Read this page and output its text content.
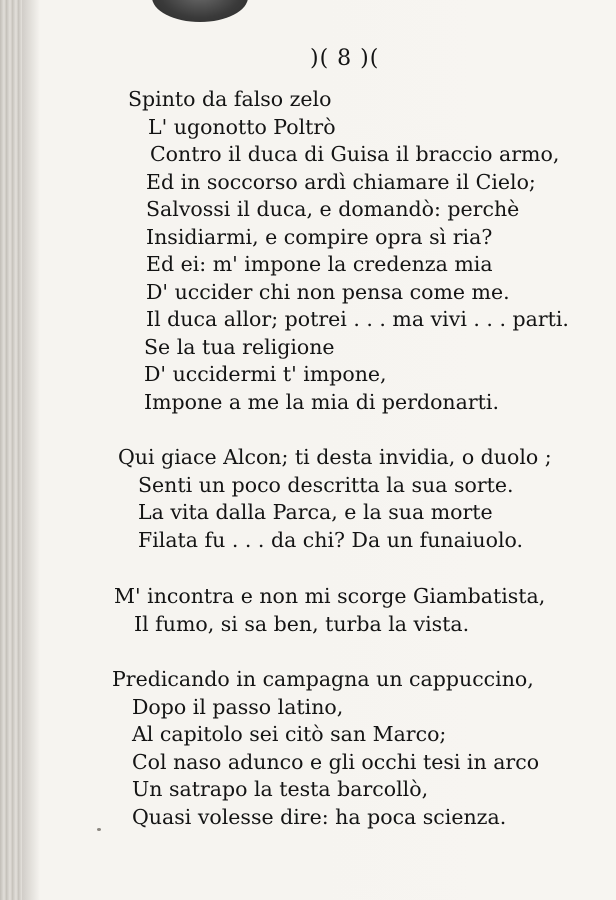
)( 8 )(
Spinto da falso zelo
L' ugonotto Poltrò
Contro il duca di Guisa il braccio armo,
Ed in soccorso ardì chiamare il Cielo;
Salvossi il duca, e domandò: perchè
Insidiarmi, e compire opra sì ria?
Ed ei: m' impone la credenza mia
D' uccider chi non pensa come me.
Il duca allor; potrei . . . ma vivi . . . parti.
Se la tua religione
D' uccidermi t' impone,
Impone a me la mia di perdonarti.
Qui giace Alcon; ti desta invidia, o duolo ;
Senti un poco descritta la sua sorte.
La vita dalla Parca, e la sua morte
Filata fu . . . da chi? Da un funaiuolo.
M' incontra e non mi scorge Giambatista,
Il fumo, si sa ben, turba la vista.
Predicando in campagna un cappuccino,
Dopo il passo latino,
Al capitolo sei citò san Marco;
Col naso adunco e gli occhi tesi in arco
Un satrapo la testa barcollò,
Quasi volesse dire: ha poca scienza.
